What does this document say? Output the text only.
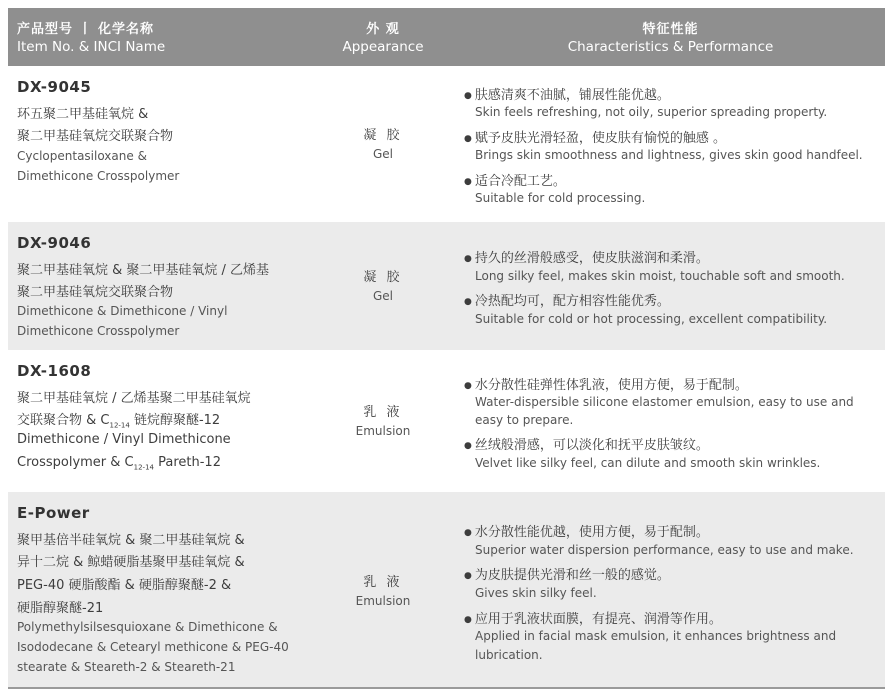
产品型号 丨 化学名称
Item No. & INCI Name
外 观
Appearance
特征性能
Characteristics & Performance
DX-9045
环五聚二甲基硅氧烷 &
聚二甲基硅氧烷交联聚合物
Cyclopentasiloxane &
Dimethicone Crosspolymer
凝 胶
Gel
● 肤感清爽不油腻，铺展性能优越。
Skin feels refreshing, not oily, superior spreading property.
● 赋予皮肤光滑轻盈，使皮肤有愉悦的触感 。
Brings skin smoothness and lightness, gives skin good handfeel.
● 适合冷配工艺。
Suitable for cold processing.
DX-9046
聚二甲基硅氧烷 & 聚二甲基硅氧烷 / 乙烯基
聚二甲基硅氧烷交联聚合物
Dimethicone & Dimethicone / Vinyl
Dimethicone Crosspolymer
凝 胶
Gel
● 持久的丝滑般感受，使皮肤滋润和柔滑。
Long silky feel, makes skin moist, touchable soft and smooth.
● 冷热配均可，配方相容性能优秀。
Suitable for cold or hot processing, excellent compatibility.
DX-1608
聚二甲基硅氧烷 / 乙烯基聚二甲基硅氧烷
交联聚合物 & $C_{12-14}$ 链烷醇聚醚-12
Dimethicone / Vinyl Dimethicone
Crosspolymer & $C_{12-14}$ Pareth-12
乳 液
Emulsion
● 水分散性硅弹性体乳液，使用方便，易于配制。
Water-dispersible silicone elastomer emulsion, easy to use and
easy to prepare.
● 丝绒般滑感，可以淡化和抚平皮肤皱纹。
Velvet like silky feel, can dilute and smooth skin wrinkles.
E-Power
聚甲基倍半硅氧烷 & 聚二甲基硅氧烷 &
异十二烷 & 鲸蜡硬脂基聚甲基硅氧烷 &
PEG-40 硬脂酸酯 & 硬脂醇聚醚-2 &
硬脂醇聚醚-21
Polymethylsilsesquioxane & Dimethicone &
Isododecane & Cetearyl methicone & PEG-40
stearate & Steareth-2 & Steareth-21
乳 液
Emulsion
● 水分散性能优越，使用方便，易于配制。
Superior water dispersion performance, easy to use and make.
● 为皮肤提供光滑和丝一般的感觉。
Gives skin silky feel.
● 应用于乳液状面膜，有提亮、润滑等作用。
Applied in facial mask emulsion, it enhances brightness and
lubrication.
